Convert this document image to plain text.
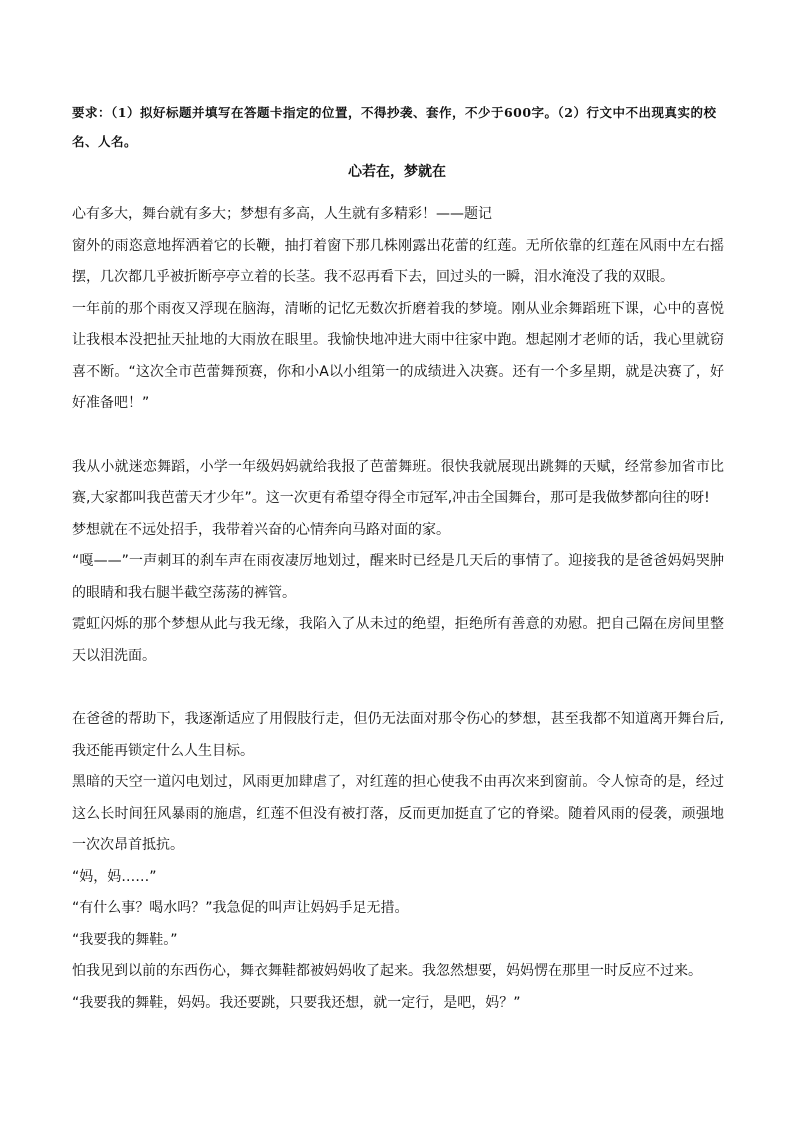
要求：（1）拟好标题并填写在答题卡指定的位置，不得抄袭、套作，不少于600字。（2）行文中不出现真实的校名、人名。
心若在，梦就在

心有多大，舞台就有多大；梦想有多高，人生就有多精彩！——题记

窗外的雨恣意地挥洒着它的长鞭，抽打着窗下那几株刚露出花蕾的红莲。无所依靠的红莲在风雨中左右摇摆，几次都几乎被折断亭亭立着的长茎。我不忍再看下去，回过头的一瞬，泪水淹没了我的双眼。

一年前的那个雨夜又浮现在脑海，清晰的记忆无数次折磨着我的梦境。刚从业余舞蹈班下课，心中的喜悦让我根本没把扯天扯地的大雨放在眼里。我愉快地冲进大雨中往家中跑。想起刚才老师的话，我心里就窃喜不断。“这次全市芭蕾舞预赛，你和小A以小组第一的成绩进入决赛。还有一个多星期，就是决赛了，好好准备吧！”

我从小就迷恋舞蹈，小学一年级妈妈就给我报了芭蕾舞班。很快我就展现出跳舞的天赋，经常参加省市比赛,大家都叫我芭蕾天才少年”。这一次更有希望夺得全市冠军,冲击全国舞台，那可是我做梦都向往的呀!

梦想就在不远处招手，我带着兴奋的心情奔向马路对面的家。

“嘎——”一声刺耳的刹车声在雨夜凄厉地划过，醒来时已经是几天后的事情了。迎接我的是爸爸妈妈哭肿的眼睛和我右腿半截空荡荡的裤管。

霓虹闪烁的那个梦想从此与我无缘，我陷入了从未过的绝望，拒绝所有善意的劝慰。把自己隔在房间里整天以泪洗面。

在爸爸的帮助下，我逐渐适应了用假肢行走，但仍无法面对那令伤心的梦想，甚至我都不知道离开舞台后,我还能再锁定什么人生目标。

黑暗的天空一道闪电划过，风雨更加肆虐了，对红莲的担心使我不由再次来到窗前。令人惊奇的是，经过这么长时间狂风暴雨的施虐，红莲不但没有被打落，反而更加挺直了它的脊梁。随着风雨的侵袭，顽强地一次次昂首抵抗。

“妈，妈……”

“有什么事？喝水吗？”我急促的叫声让妈妈手足无措。

“我要我的舞鞋。”

怕我见到以前的东西伤心，舞衣舞鞋都被妈妈收了起来。我忽然想要，妈妈愣在那里一时反应不过来。

“我要我的舞鞋，妈妈。我还要跳，只要我还想，就一定行，是吧，妈？”
